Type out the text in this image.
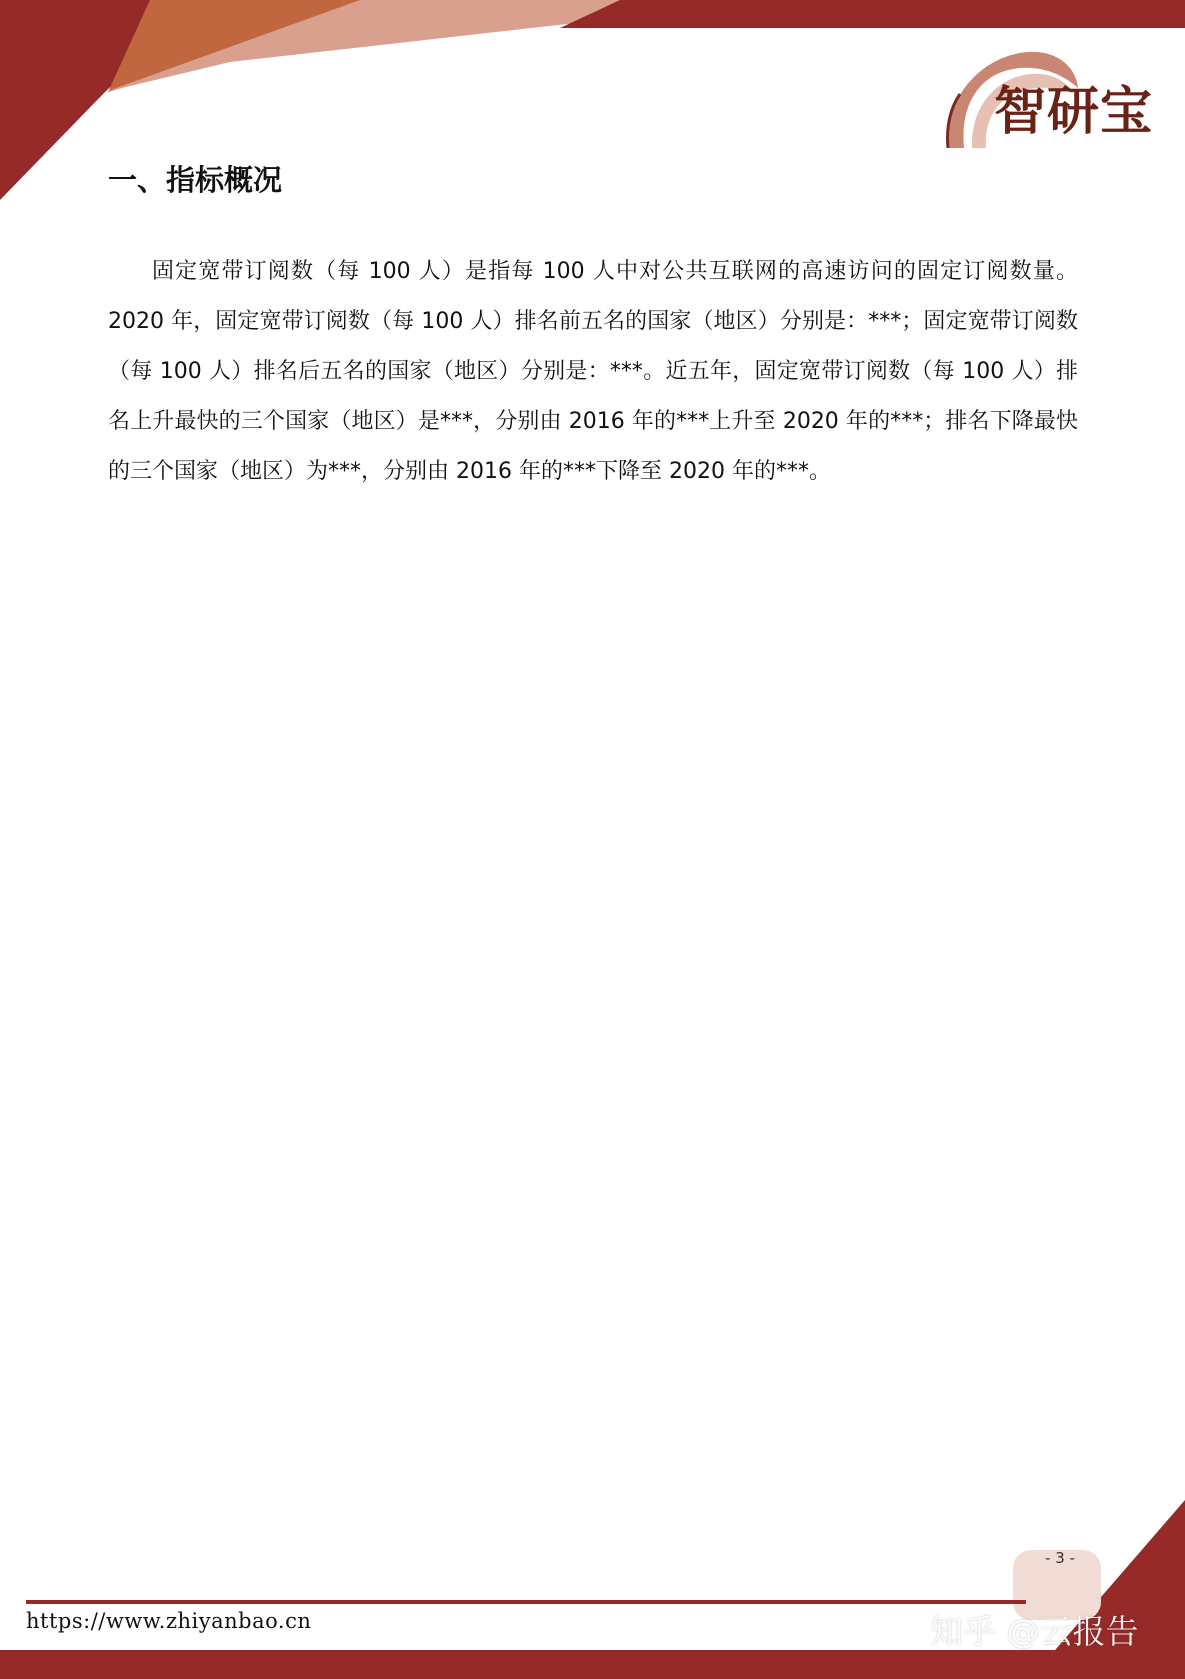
智研宝
一、指标概况

固定宽带订阅数（每 100 人）是指每 100 人中对公共互联网的高速访问的固定订阅数量。2020 年，固定宽带订阅数（每 100 人）排名前五名的国家（地区）分别是：***；固定宽带订阅数（每 100 人）排名后五名的国家（地区）分别是：***。近五年，固定宽带订阅数（每 100 人）排名上升最快的三个国家（地区）是***，分别由 2016 年的***上升至 2020 年的***；排名下降最快的三个国家（地区）为***，分别由 2016 年的***下降至 2020 年的***。

https://www.zhiyanbao.cn
- 3 -
知乎 @云报告
